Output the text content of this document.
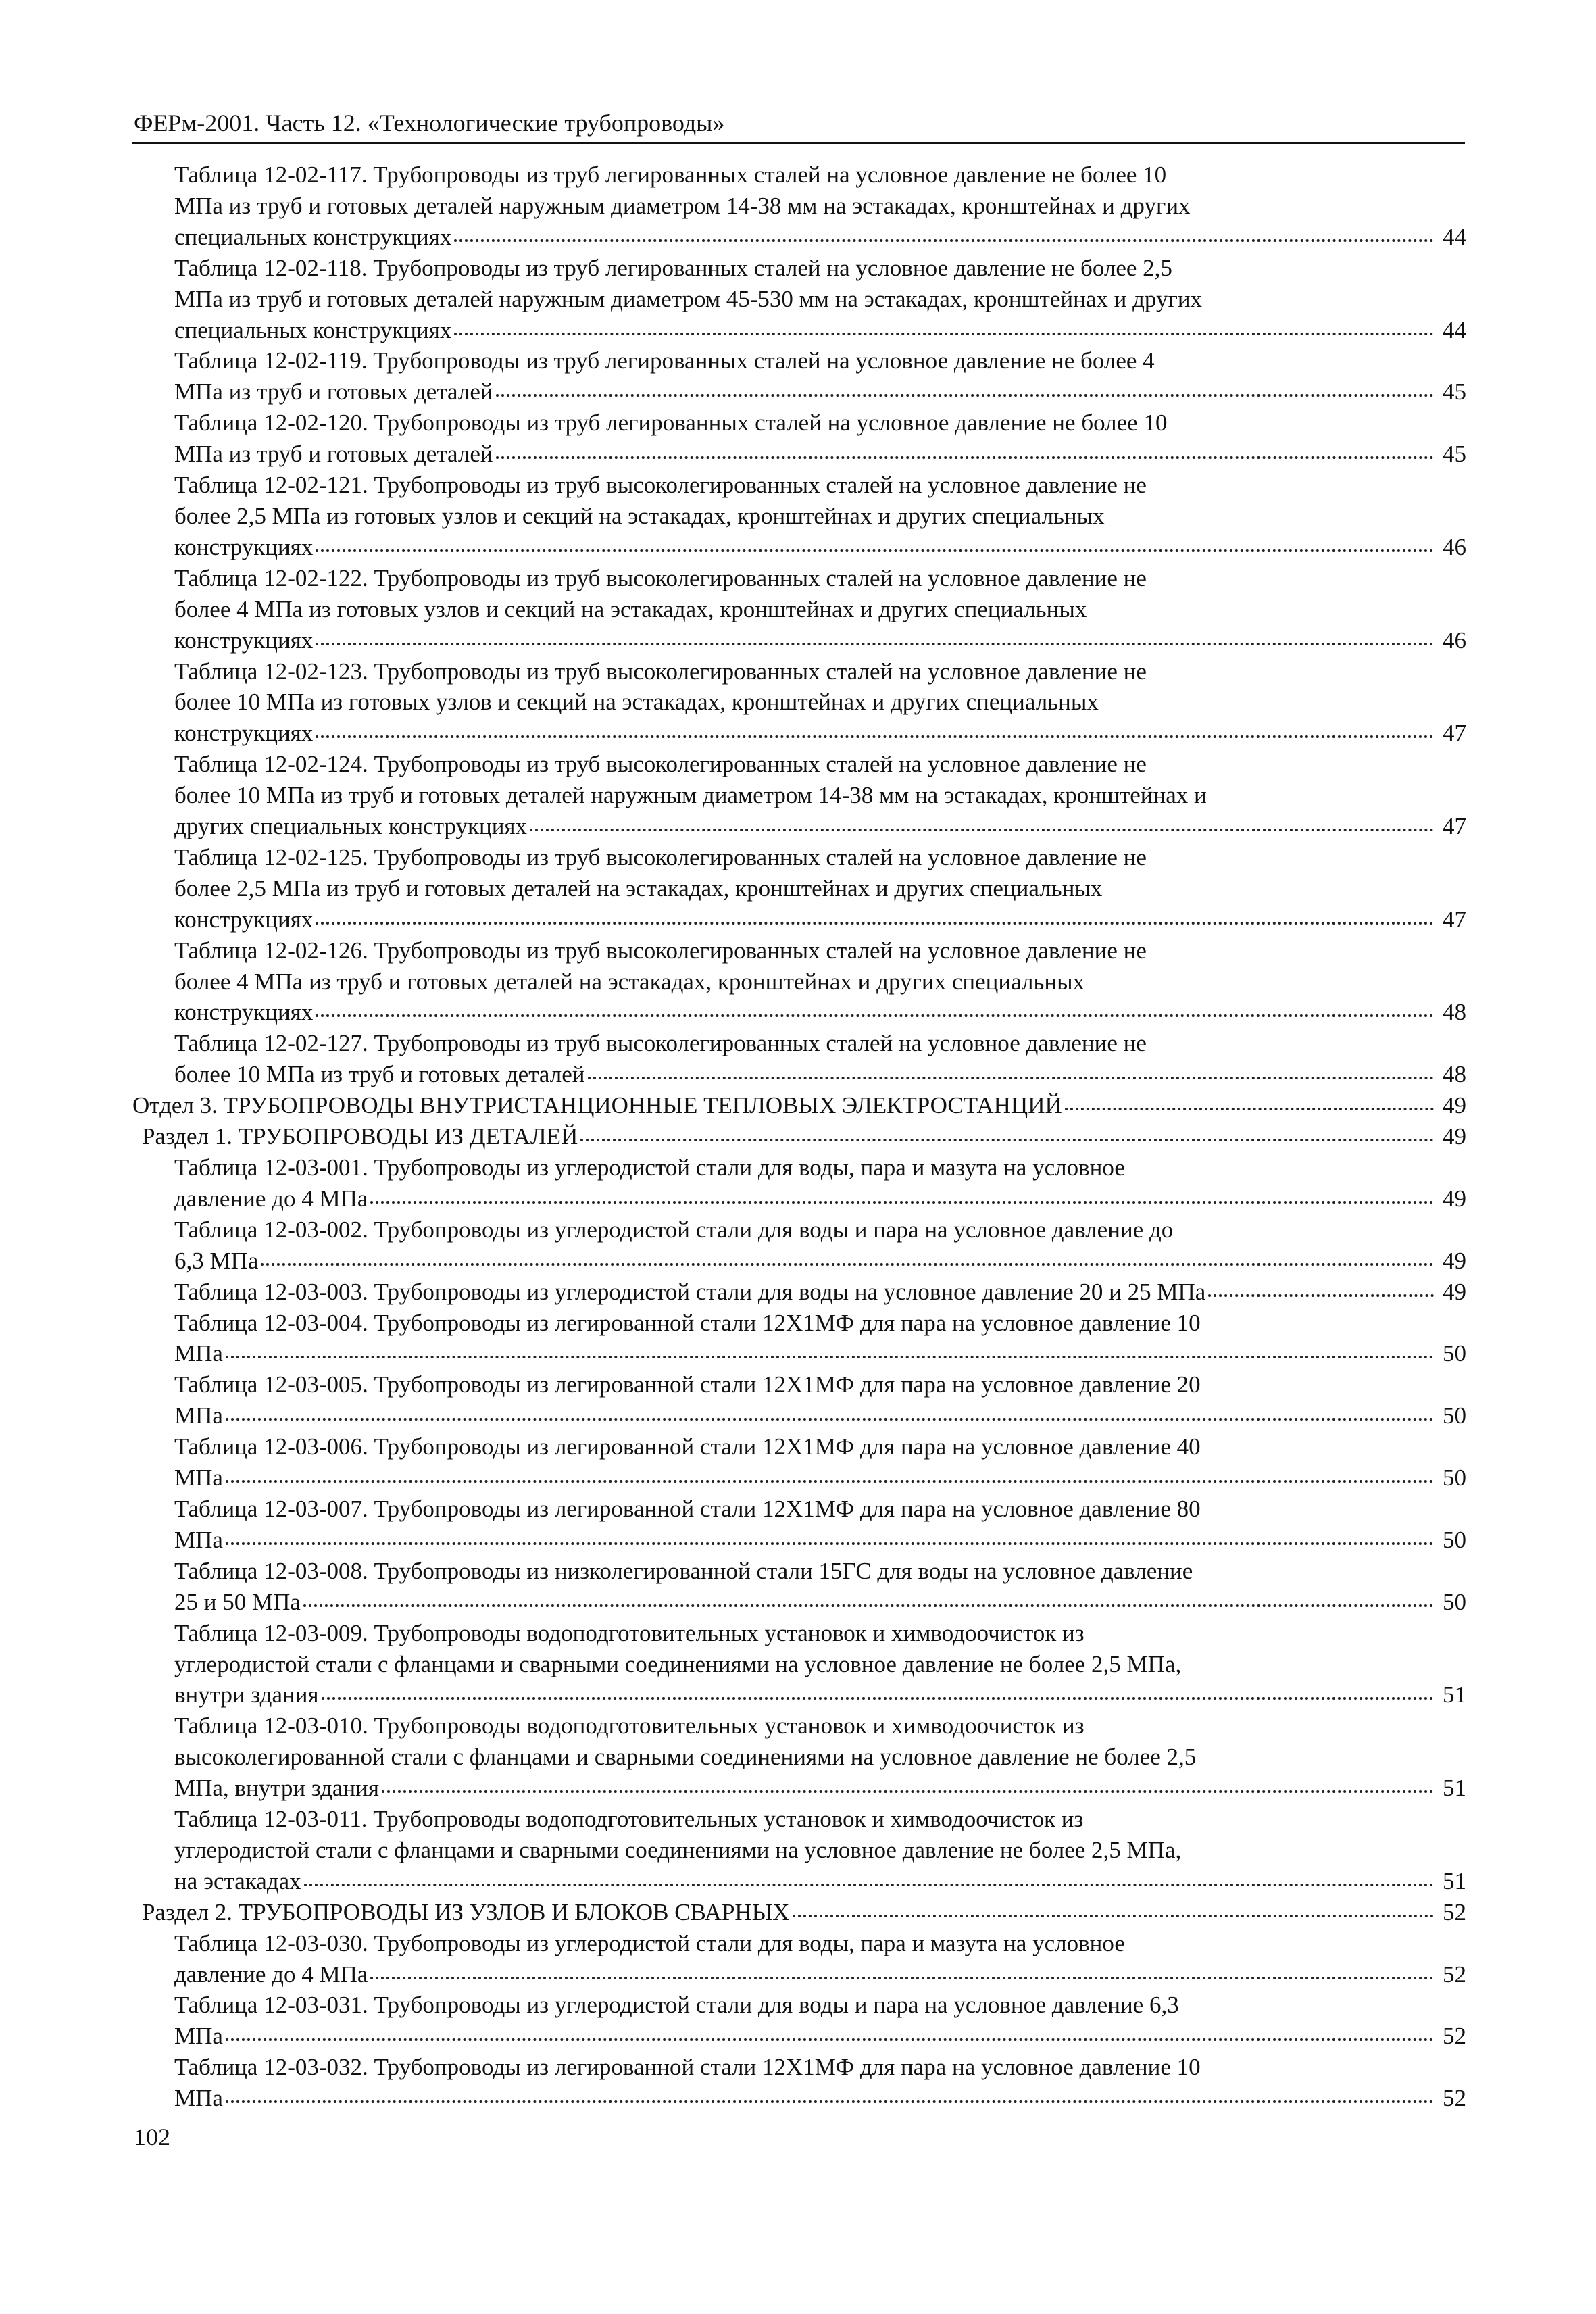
ФЕРм-2001. Часть 12. «Технологические трубопроводы»
Таблица 12-02-117. Трубопроводы из труб легированных сталей на условное давление не более 10
МПа из труб и готовых деталей наружным диаметром 14-38 мм на эстакадах, кронштейнах и других
специальных конструкциях	44
Таблица 12-02-118. Трубопроводы из труб легированных сталей на условное давление не более 2,5
МПа из труб и готовых деталей наружным диаметром 45-530 мм на эстакадах, кронштейнах и других
специальных конструкциях	44
Таблица 12-02-119. Трубопроводы из труб легированных сталей на условное давление не более 4
МПа из труб и готовых деталей	45
Таблица 12-02-120. Трубопроводы из труб легированных сталей на условное давление не более 10
МПа из труб и готовых деталей	45
Таблица 12-02-121. Трубопроводы из труб высоколегированных сталей на условное давление не
более 2,5 МПа из готовых узлов и секций на эстакадах, кронштейнах и других специальных
конструкциях	46
Таблица 12-02-122. Трубопроводы из труб высоколегированных сталей на условное давление не
более 4 МПа из готовых узлов и секций на эстакадах, кронштейнах и других специальных
конструкциях	46
Таблица 12-02-123. Трубопроводы из труб высоколегированных сталей на условное давление не
более 10 МПа из готовых узлов и секций на эстакадах, кронштейнах и других специальных
конструкциях	47
Таблица 12-02-124. Трубопроводы из труб высоколегированных сталей на условное давление не
более 10 МПа из труб и готовых деталей наружным диаметром 14-38 мм на эстакадах, кронштейнах и
других специальных конструкциях	47
Таблица 12-02-125. Трубопроводы из труб высоколегированных сталей на условное давление не
более 2,5 МПа из труб и готовых деталей на эстакадах, кронштейнах и других специальных
конструкциях	47
Таблица 12-02-126. Трубопроводы из труб высоколегированных сталей на условное давление не
более 4 МПа из труб и готовых деталей на эстакадах, кронштейнах и других специальных
конструкциях	48
Таблица 12-02-127. Трубопроводы из труб высоколегированных сталей на условное давление не
более 10 МПа из труб и готовых деталей	48
Отдел 3. ТРУБОПРОВОДЫ ВНУТРИСТАНЦИОННЫЕ ТЕПЛОВЫХ ЭЛЕКТРОСТАНЦИЙ	49
Раздел 1. ТРУБОПРОВОДЫ ИЗ ДЕТАЛЕЙ	49
Таблица 12-03-001. Трубопроводы из углеродистой стали для воды, пара и мазута на условное
давление до 4 МПа	49
Таблица 12-03-002. Трубопроводы из углеродистой стали для воды и пара на условное давление до
6,3 МПа	49
Таблица 12-03-003. Трубопроводы из углеродистой стали для воды на условное давление 20 и 25 МПа	49
Таблица 12-03-004. Трубопроводы из легированной стали 12Х1МФ для пара на условное давление 10
МПа	50
Таблица 12-03-005. Трубопроводы из легированной стали 12Х1МФ для пара на условное давление 20
МПа	50
Таблица 12-03-006. Трубопроводы из легированной стали 12Х1МФ для пара на условное давление 40
МПа	50
Таблица 12-03-007. Трубопроводы из легированной стали 12Х1МФ для пара на условное давление 80
МПа	50
Таблица 12-03-008. Трубопроводы из низколегированной стали 15ГС для воды на условное давление
25 и 50 МПа	50
Таблица 12-03-009. Трубопроводы водоподготовительных установок и химводоочисток из
углеродистой стали с фланцами и сварными соединениями на условное давление не более 2,5 МПа,
внутри здания	51
Таблица 12-03-010. Трубопроводы водоподготовительных установок и химводоочисток из
высоколегированной стали с фланцами и сварными соединениями на условное давление не более 2,5
МПа, внутри здания	51
Таблица 12-03-011. Трубопроводы водоподготовительных установок и химводоочисток из
углеродистой стали с фланцами и сварными соединениями на условное давление не более 2,5 МПа,
на эстакадах	51
Раздел 2. ТРУБОПРОВОДЫ ИЗ УЗЛОВ И БЛОКОВ СВАРНЫХ	52
Таблица 12-03-030. Трубопроводы из углеродистой стали для воды, пара и мазута на условное
давление до 4 МПа	52
Таблица 12-03-031. Трубопроводы из углеродистой стали для воды и пара на условное давление 6,3
МПа	52
Таблица 12-03-032. Трубопроводы из легированной стали 12Х1МФ для пара на условное давление 10
МПа	52
102
